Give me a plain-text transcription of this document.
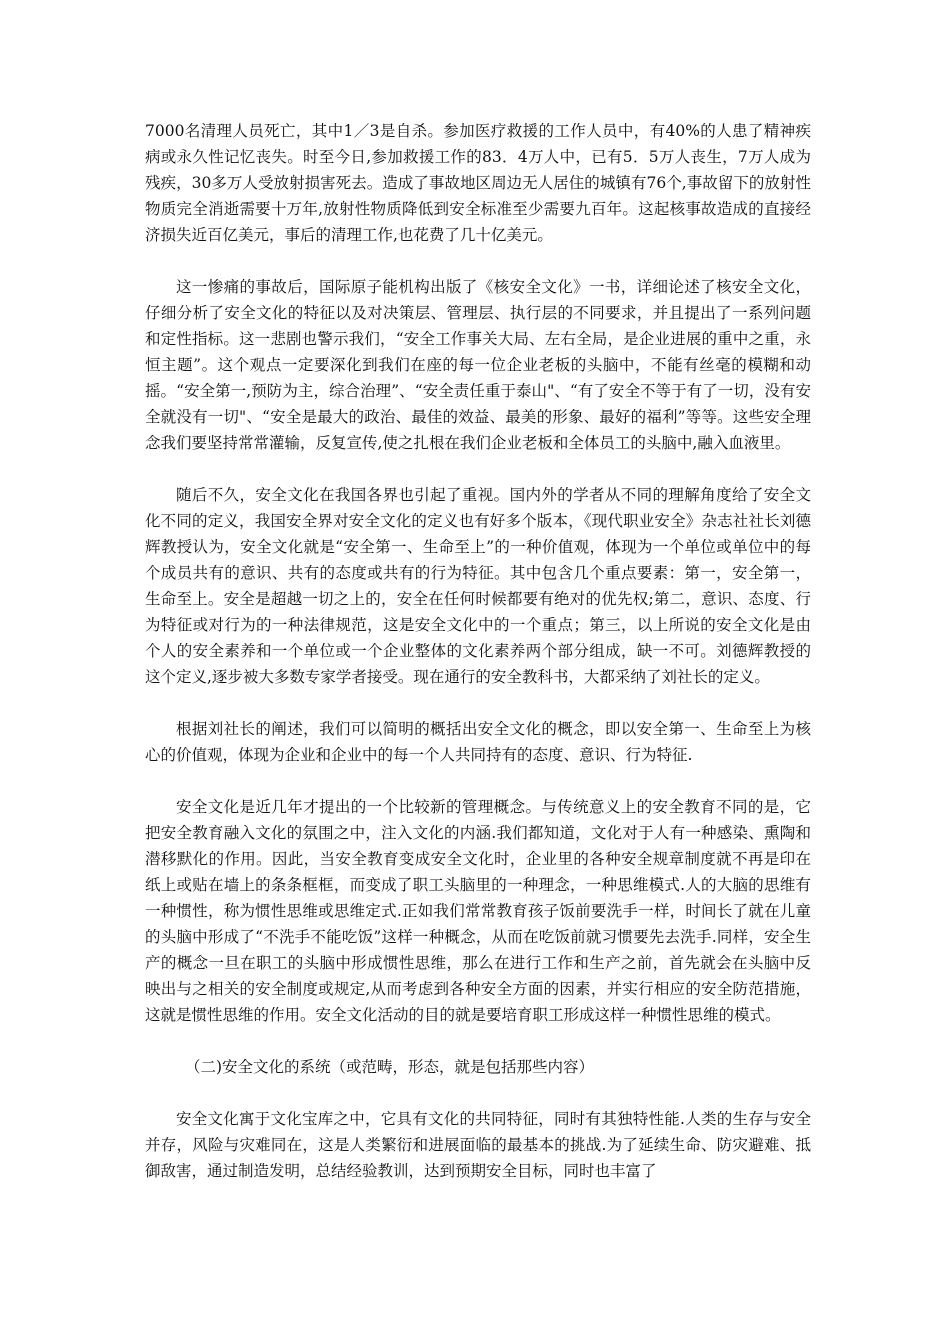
7000名清理人员死亡，其中1／3是自杀。参加医疗救援的工作人员中，有40%的人患了精神疾病或永久性记忆丧失。时至今日,参加救援工作的83．4万人中，已有5．5万人丧生，7万人成为残疾，30多万人受放射损害死去。造成了事故地区周边无人居住的城镇有76个,事故留下的放射性物质完全消逝需要十万年,放射性物质降低到安全标准至少需要九百年。这起核事故造成的直接经济损失近百亿美元，事后的清理工作,也花费了几十亿美元。

这一惨痛的事故后，国际原子能机构出版了《核安全文化》一书，详细论述了核安全文化，仔细分析了安全文化的特征以及对决策层、管理层、执行层的不同要求，并且提出了一系列问题和定性指标。这一悲剧也警示我们，“安全工作事关大局、左右全局，是企业进展的重中之重，永恒主题”。这个观点一定要深化到我们在座的每一位企业老板的头脑中，不能有丝毫的模糊和动摇。“安全第一,预防为主，综合治理”、“安全责任重于泰山"、“有了安全不等于有了一切，没有安全就没有一切"、“安全是最大的政治、最佳的效益、最美的形象、最好的福利”等等。这些安全理念我们要坚持常常灌输，反复宣传,使之扎根在我们企业老板和全体员工的头脑中,融入血液里。

随后不久，安全文化在我国各界也引起了重视。国内外的学者从不同的理解角度给了安全文化不同的定义，我国安全界对安全文化的定义也有好多个版本，《现代职业安全》杂志社社长刘德辉教授认为，安全文化就是“安全第一、生命至上”的一种价值观，体现为一个单位或单位中的每个成员共有的意识、共有的态度或共有的行为特征。其中包含几个重点要素：第一，安全第一，生命至上。安全是超越一切之上的，安全在任何时候都要有绝对的优先权;第二，意识、态度、行为特征或对行为的一种法律规范，这是安全文化中的一个重点；第三，以上所说的安全文化是由个人的安全素养和一个单位或一个企业整体的文化素养两个部分组成，缺一不可。刘德辉教授的这个定义,逐步被大多数专家学者接受。现在通行的安全教科书，大都采纳了刘社长的定义。

根据刘社长的阐述，我们可以简明的概括出安全文化的概念，即以安全第一、生命至上为核心的价值观，体现为企业和企业中的每一个人共同持有的态度、意识、行为特征.

安全文化是近几年才提出的一个比较新的管理概念。与传统意义上的安全教育不同的是，它把安全教育融入文化的氛围之中，注入文化的内涵.我们都知道，文化对于人有一种感染、熏陶和潜移默化的作用。因此，当安全教育变成安全文化时，企业里的各种安全规章制度就不再是印在纸上或贴在墙上的条条框框，而变成了职工头脑里的一种理念，一种思维模式.人的大脑的思维有一种惯性，称为惯性思维或思维定式.正如我们常常教育孩子饭前要洗手一样，时间长了就在儿童的头脑中形成了“不洗手不能吃饭”这样一种概念，从而在吃饭前就习惯要先去洗手.同样，安全生产的概念一旦在职工的头脑中形成惯性思维，那么在进行工作和生产之前，首先就会在头脑中反映出与之相关的安全制度或规定,从而考虑到各种安全方面的因素，并实行相应的安全防范措施，这就是惯性思维的作用。安全文化活动的目的就是要培育职工形成这样一种惯性思维的模式。

（二)安全文化的系统（或范畴，形态，就是包括那些内容）

安全文化寓于文化宝库之中，它具有文化的共同特征，同时有其独特性能.人类的生存与安全并存，风险与灾难同在，这是人类繁衍和进展面临的最基本的挑战.为了延续生命、防灾避难、抵御敌害，通过制造发明，总结经验教训，达到预期安全目标，同时也丰富了
